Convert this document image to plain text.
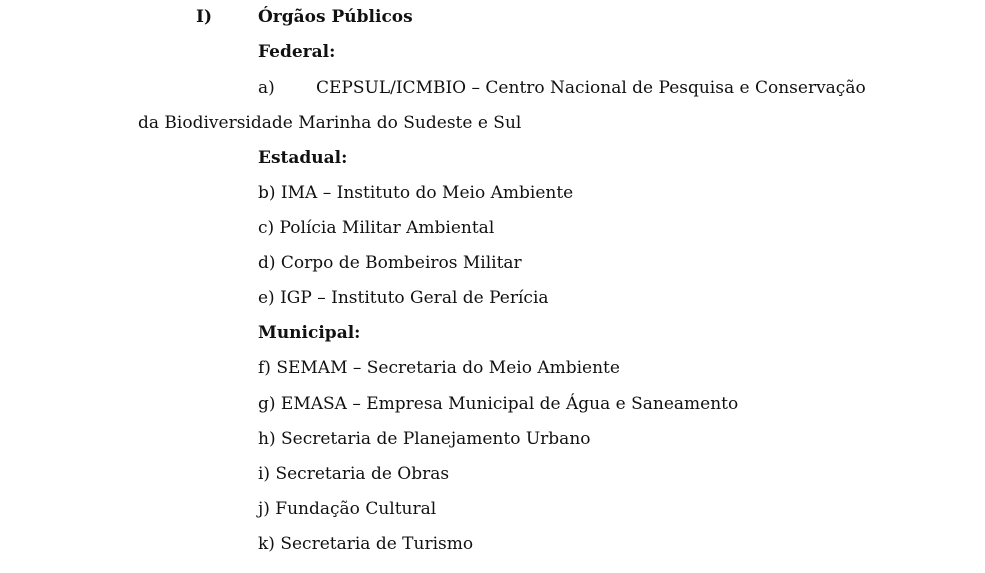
I)	Órgãos Públicos
Federal:
a) CEPSUL/ICMBIO – Centro Nacional de Pesquisa e Conservação
da Biodiversidade Marinha do Sudeste e Sul
Estadual:
b) IMA – Instituto do Meio Ambiente
c) Polícia Militar Ambiental
d) Corpo de Bombeiros Militar
e) IGP – Instituto Geral de Perícia
Municipal:
f) SEMAM – Secretaria do Meio Ambiente
g) EMASA – Empresa Municipal de Água e Saneamento
h) Secretaria de Planejamento Urbano
i) Secretaria de Obras
j) Fundação Cultural
k) Secretaria de Turismo
